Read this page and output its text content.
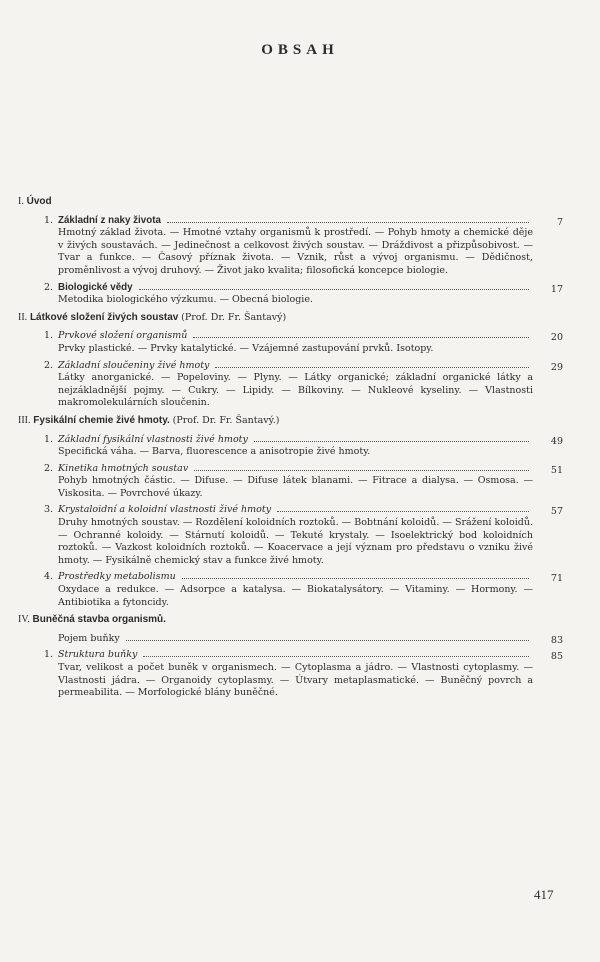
OBSAH
I. Úvod
1. Základní z naky života	7
Hmotný základ života. — Hmotné vztahy organismů k prostředí. — Pohyb hmoty a chemické děje v živých soustavách. — Jedinečnost a celkovost živých soustav. — Dráždivost a přizpůsobivost. — Tvar a funkce. — Časový příznak života. — Vznik, růst a vývoj organismu. — Dědičnost, proměnlivost a vývoj druhový. — Život jako kvalita; filosofická koncepce biologie.
2. Biologické vědy	17
Metodika biologického výzkumu. — Obecná biologie.
II. Látkové složení živých soustav (Prof. Dr. Fr. Šantavý)
1. Prvkové složení organismů	20
Prvky plastické. — Prvky katalytické. — Vzájemné zastupování prvků. Isotopy.
2. Základní sloučeniny živé hmoty	29
Látky anorganické. — Popeloviny. — Plyny. — Látky organické; základní organické látky a nejzákladnější pojmy. — Cukry. — Lipidy. — Bílkoviny. — Nukleové kyseliny. — Vlastnosti makromolekulárních sloučenin.
III. Fysikální chemie živé hmoty. (Prof. Dr. Fr. Šantavý.)
1. Základní fysikální vlastnosti živé hmoty	49
Specifická váha. — Barva, fluorescence a anisotropie živé hmoty.
2. Kinetika hmotných soustav	51
Pohyb hmotných částic. — Difuse. — Difuse látek blanami. — Fitrace a dialysa. — Osmosa. — Viskosita. — Povrchové úkazy.
3. Krystaloidní a koloidní vlastnosti živé hmoty	57
Druhy hmotných soustav. — Rozdělení koloidních roztoků. — Bobtnání koloidů. — Srážení koloidů. — Ochranné koloidy. — Stárnutí koloidů. — Tekuté krystaly. — Isoelektrický bod koloidních roztoků. — Vazkost koloidních roztoků. — Koacervace a její význam pro představu o vzniku živé hmoty. — Fysikálně chemický stav a funkce živé hmoty.
4. Prostředky metabolismu	71
Oxydace a redukce. — Adsorpce a katalysa. — Biokatalysátory. — Vitaminy. — Hormony. — Antibiotika a fytoncidy.
IV. Buněčná stavba organismů.
Pojem buňky	83
1. Struktura buňky	85
Tvar, velikost a počet buněk v organismech. — Cytoplasma a jádro. — Vlastnosti cytoplasmy. — Vlastnosti jádra. — Organoidy cytoplasmy. — Útvary metaplasmatické. — Buněčný povrch a permeabilita. — Morfologické blány buněčné.
417
